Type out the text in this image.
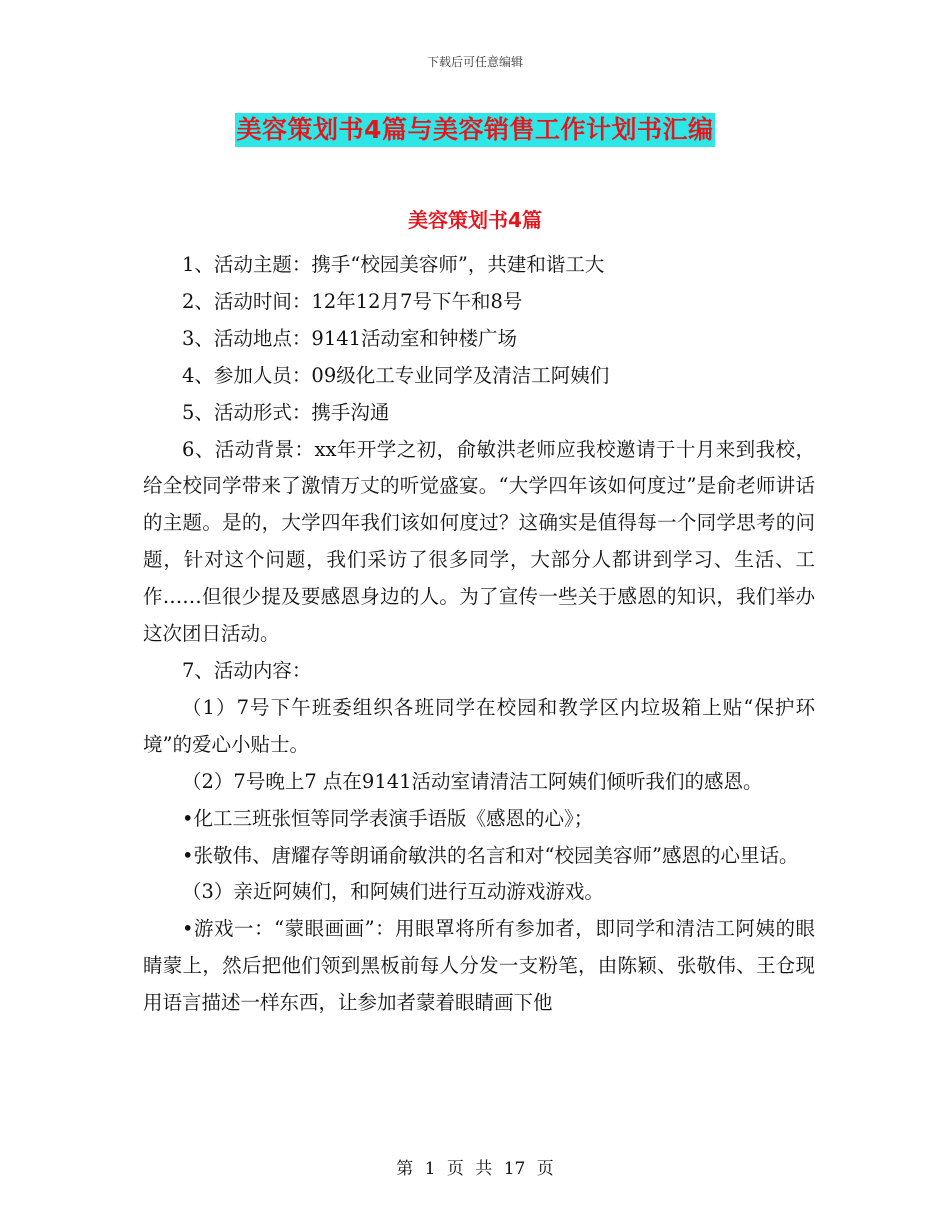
下载后可任意编辑
美容策划书4篇与美容销售工作计划书汇编
美容策划书4篇

1、活动主题：携手“校园美容师”，共建和谐工大

2、活动时间：12年12月7号下午和8号

3、活动地点：9141活动室和钟楼广场

4、参加人员：09级化工专业同学及清洁工阿姨们

5、活动形式：携手沟通

6、活动背景：xx年开学之初，俞敏洪老师应我校邀请于十月来到我校，给全校同学带来了激情万丈的听觉盛宴。“大学四年该如何度过”是俞老师讲话的主题。是的，大学四年我们该如何度过？这确实是值得每一个同学思考的问题，针对这个问题，我们采访了很多同学，大部分人都讲到学习、生活、工作……但很少提及要感恩身边的人。为了宣传一些关于感恩的知识，我们举办这次团日活动。

7、活动内容：

（1）7号下午班委组织各班同学在校园和教学区内垃圾箱上贴“保护环境”的爱心小贴士。

（2）7号晚上7 点在9141活动室请清洁工阿姨们倾听我们的感恩。

•化工三班张恒等同学表演手语版《感恩的心》；

•张敬伟、唐耀存等朗诵俞敏洪的名言和对“校园美容师”感恩的心里话。

（3）亲近阿姨们，和阿姨们进行互动游戏游戏。

•游戏一：“蒙眼画画”：用眼罩将所有参加者，即同学和清洁工阿姨的眼睛蒙上，然后把他们领到黑板前每人分发一支粉笔，由陈颖、张敬伟、王仓现用语言描述一样东西，让参加者蒙着眼睛画下他

第 1 页 共 17 页
